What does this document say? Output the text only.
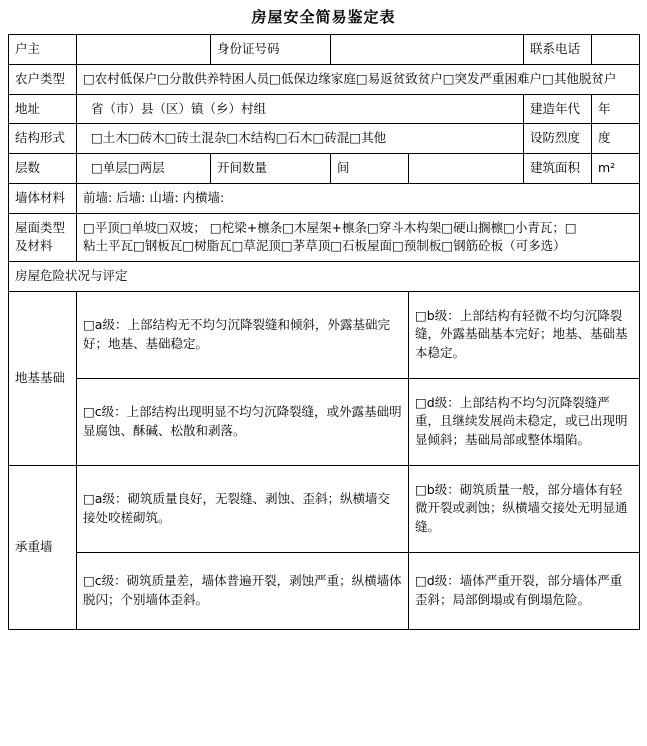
房屋安全简易鉴定表
户主		身份证号码			联系电话	
农户类型	□农村低保户□分散供养特困人员□低保边缘家庭□易返贫致贫户□突发严重困难户□其他脱贫户					
地址	省（市）县（区）镇（乡）村组				建造年代	年
结构形式	□土木□砖木□砖土混杂□木结构□石木□砖混□其他				设防烈度	度
层数	□单层□两层	开间数量	间		建筑面积	m²
墙体材料	前墙: 后墙: 山墙: 内横墙:					
屋面类型及材料	□平顶□单坡□双坡； □柁梁+檩条□木屋架+檩条□穿斗木构架□硬山搁檩□小青瓦；□
粘土平瓦□钢板瓦□树脂瓦□草泥顶□茅草顶□石板屋面□预制板□钢筋砼板（可多选）					

房屋危险状况与评定						
地基基础	□a级：上部结构无不均匀沉降裂缝和倾斜，外露基础完好；地基、基础稳定。			□b级：上部结构有轻微不均匀沉降裂缝，外露基础基本完好；地基、基础基本稳定。		
	□c级：上部结构出现明显不均匀沉降裂缝，或外露基础明显腐蚀、酥碱、松散和剥落。			□d级：上部结构不均匀沉降裂缝严重，且继续发展尚未稳定，或已出现明显倾斜；基础局部或整体塌陷。		
承重墙	□a级：砌筑质量良好，无裂缝、剥蚀、歪斜；纵横墙交接处咬槎砌筑。			□b级：砌筑质量一般，部分墙体有轻微开裂或剥蚀；纵横墙交接处无明显通缝。		
	□c级：砌筑质量差，墙体普遍开裂，剥蚀严重；纵横墙体脱闪；个别墙体歪斜。			□d级：墙体严重开裂，部分墙体严重歪斜；局部倒塌或有倒塌危险。		
